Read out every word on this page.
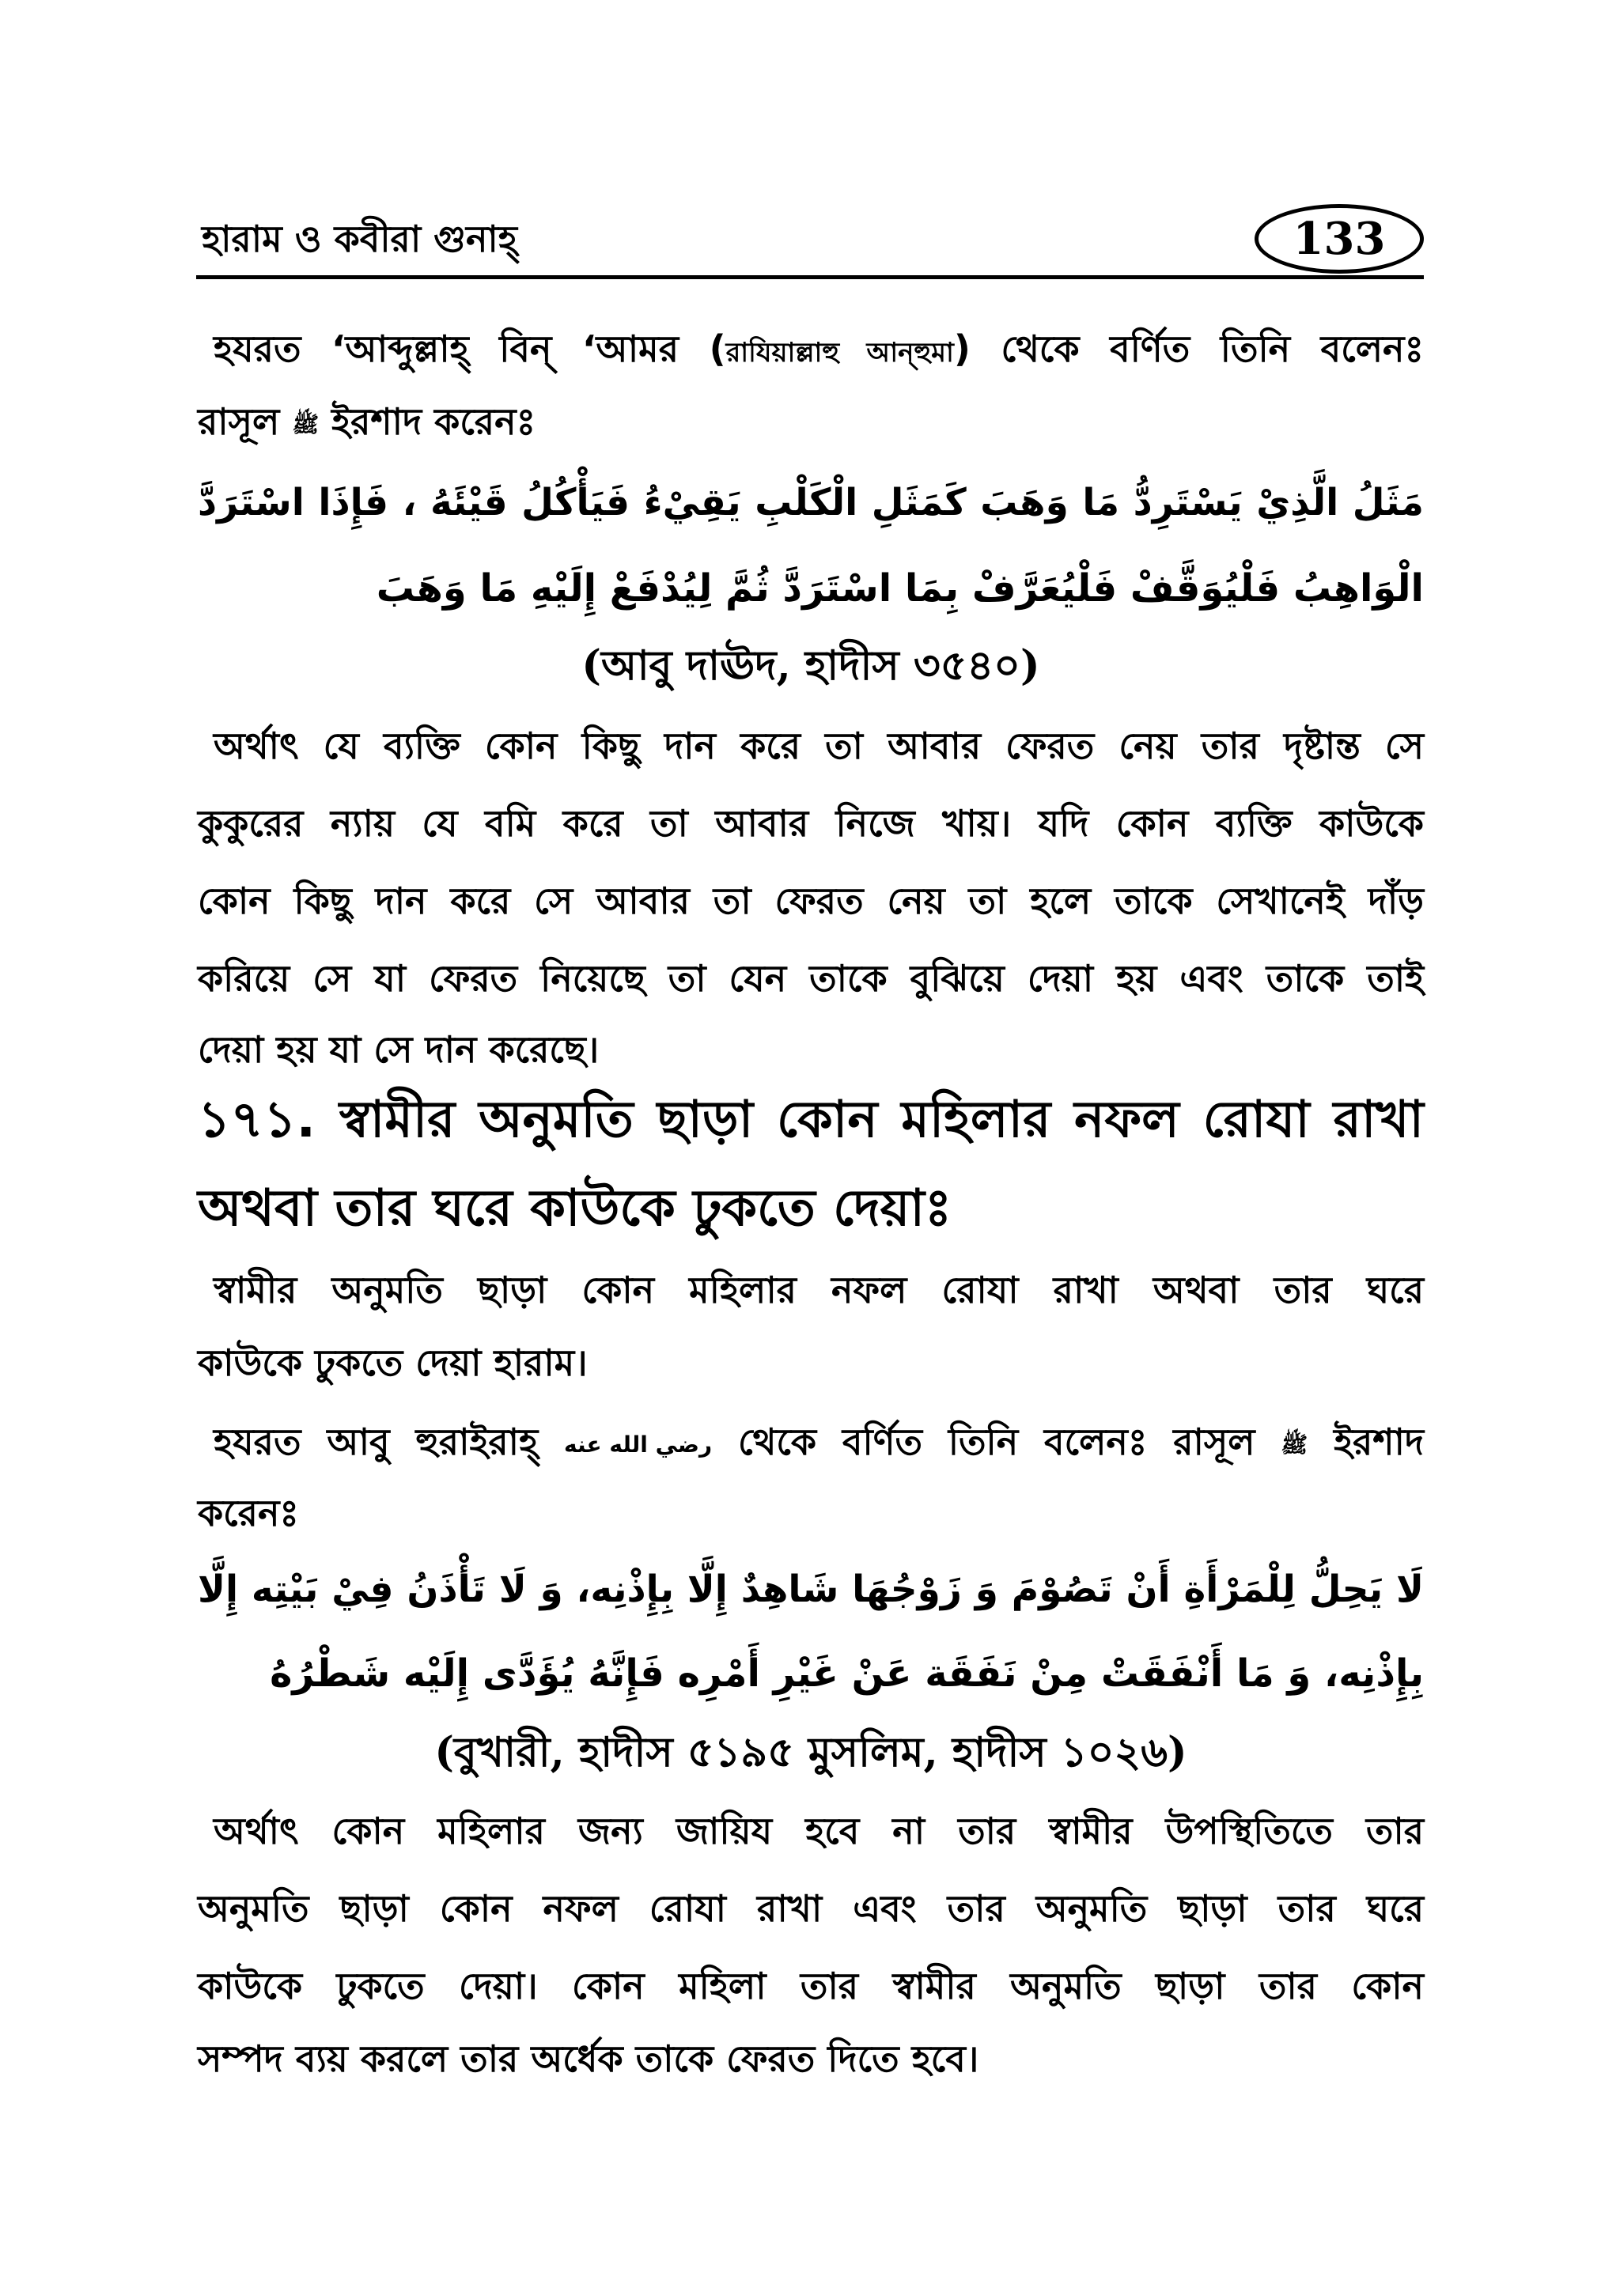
হারাম ও কবীরা গুনাহ্	133
হযরত ‘আব্দুল্লাহ্ বিন্ ‘আমর (রাযিয়াল্লাহু আন্হুমা) থেকে বর্ণিত তিনি বলেনঃ
রাসূল ﷺ ইরশাদ করেনঃ
مَثَلُ الَّذِيْ يَسْتَرِدُّ مَا وَهَبَ كَمَثَلِ الْكَلْبِ يَقِيْءُ فَيَأْكُلُ قَيْئَهُ ، فَإِذَا اسْتَرَدَّ
الْوَاهِبُ فَلْيُوَقَّفْ فَلْيُعَرَّفْ بِمَا اسْتَرَدَّ ثُمَّ لِيُدْفَعْ إِلَيْهِ مَا وَهَبَ
(আবু দাঊদ, হাদীস ৩৫৪০)
অর্থাৎ যে ব্যক্তি কোন কিছু দান করে তা আবার ফেরত নেয় তার দৃষ্টান্ত সে
কুকুরের ন্যায় যে বমি করে তা আবার নিজে খায়। যদি কোন ব্যক্তি কাউকে
কোন কিছু দান করে সে আবার তা ফেরত নেয় তা হলে তাকে সেখানেই দাঁড়
করিয়ে সে যা ফেরত নিয়েছে তা যেন তাকে বুঝিয়ে দেয়া হয় এবং তাকে তাই
দেয়া হয় যা সে দান করেছে।
১৭১. স্বামীর অনুমতি ছাড়া কোন মহিলার নফল রোযা রাখা
অথবা তার ঘরে কাউকে ঢুকতে দেয়াঃ
স্বামীর অনুমতি ছাড়া কোন মহিলার নফল রোযা রাখা অথবা তার ঘরে
কাউকে ঢুকতে দেয়া হারাম।
হযরত আবু হুরাইরাহ্ رضي الله عنه থেকে বর্ণিত তিনি বলেনঃ রাসূল ﷺ ইরশাদ
করেনঃ
لَا يَحِلُّ لِلْمَرْأَةِ أَنْ تَصُوْمَ وَ زَوْجُهَا شَاهِدٌ إِلَّا بِإِذْنِه، وَ لَا تَأْذَنُ فِيْ بَيْتِه إِلَّا
بِإِذْنِه، وَ مَا أَنْفَقَتْ مِنْ نَفَقَة عَنْ غَيْرِ أَمْرِه فَإِنَّهُ يُؤَدَّى إِلَيْه شَطْرُهُ
(বুখারী, হাদীস ৫১৯৫ মুসলিম, হাদীস ১০২৬)
অর্থাৎ কোন মহিলার জন্য জায়িয হবে না তার স্বামীর উপস্থিতিতে তার
অনুমতি ছাড়া কোন নফল রোযা রাখা এবং তার অনুমতি ছাড়া তার ঘরে
কাউকে ঢুকতে দেয়া। কোন মহিলা তার স্বামীর অনুমতি ছাড়া তার কোন
সম্পদ ব্যয় করলে তার অর্ধেক তাকে ফেরত দিতে হবে।
